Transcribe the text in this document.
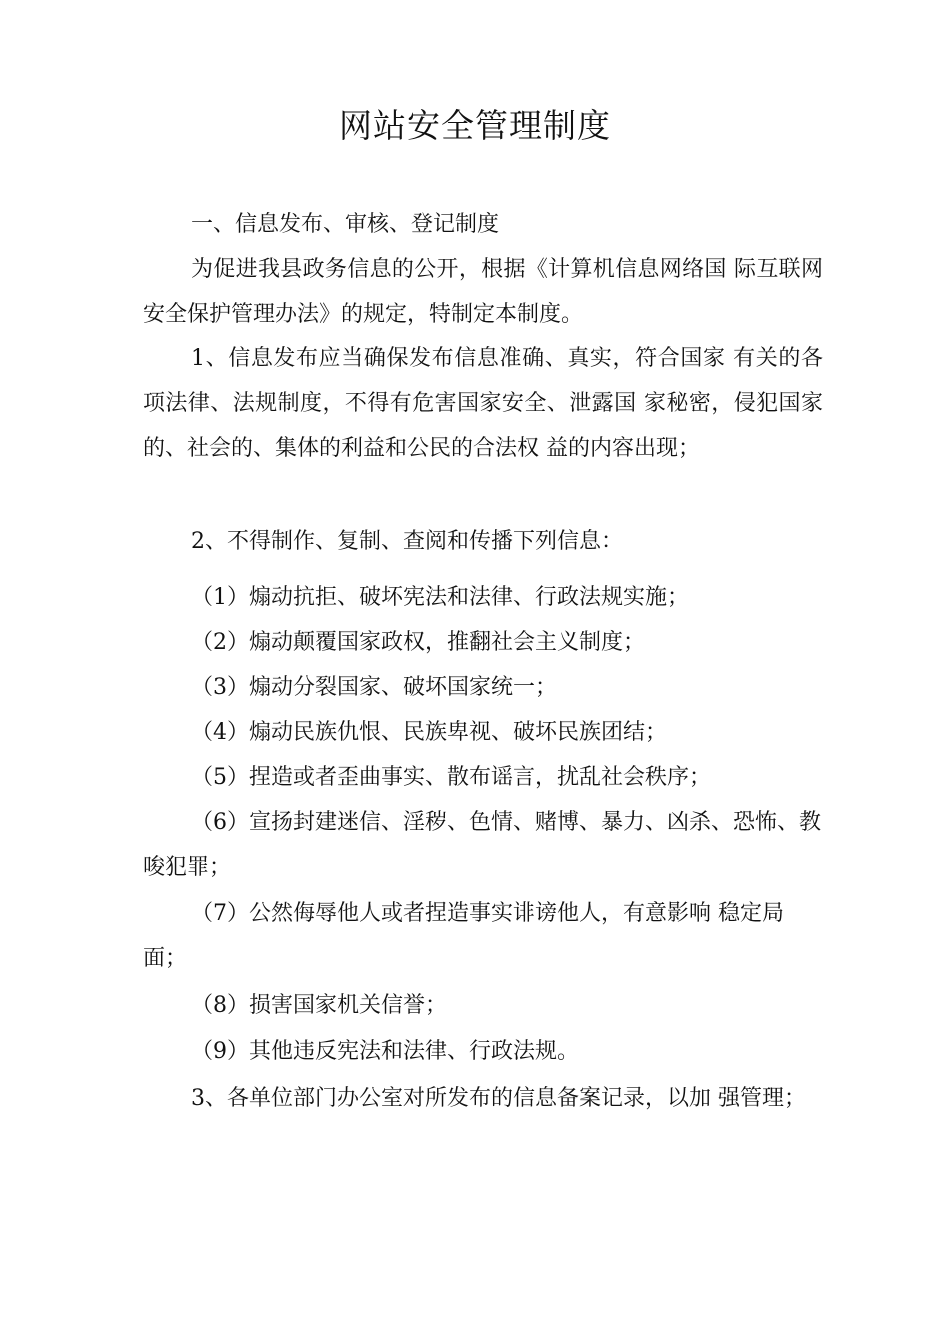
网站安全管理制度

一、信息发布、审核、登记制度

为促进我县政务信息的公开，根据《计算机信息网络国 际互联网安全保护管理办法》的规定，特制定本制度。

1、信息发布应当确保发布信息准确、真实，符合国家 有关的各项法律、法规制度，不得有危害国家安全、泄露国 家秘密，侵犯国家的、社会的、集体的利益和公民的合法权 益的内容出现；

2、不得制作、复制、查阅和传播下列信息：

（1）煽动抗拒、破坏宪法和法律、行政法规实施；

（2）煽动颠覆国家政权，推翻社会主义制度；

（3）煽动分裂国家、破坏国家统一；

（4）煽动民族仇恨、民族卑视、破坏民族团结；

（5）捏造或者歪曲事实、散布谣言，扰乱社会秩序；

（6）宣扬封建迷信、淫秽、色情、赌博、暴力、凶杀、恐怖、教唆犯罪；

（7）公然侮辱他人或者捏造事实诽谤他人，有意影响 稳定局面；

（8）损害国家机关信誉；

（9）其他违反宪法和法律、行政法规。

3、各单位部门办公室对所发布的信息备案记录，以加 强管理；
